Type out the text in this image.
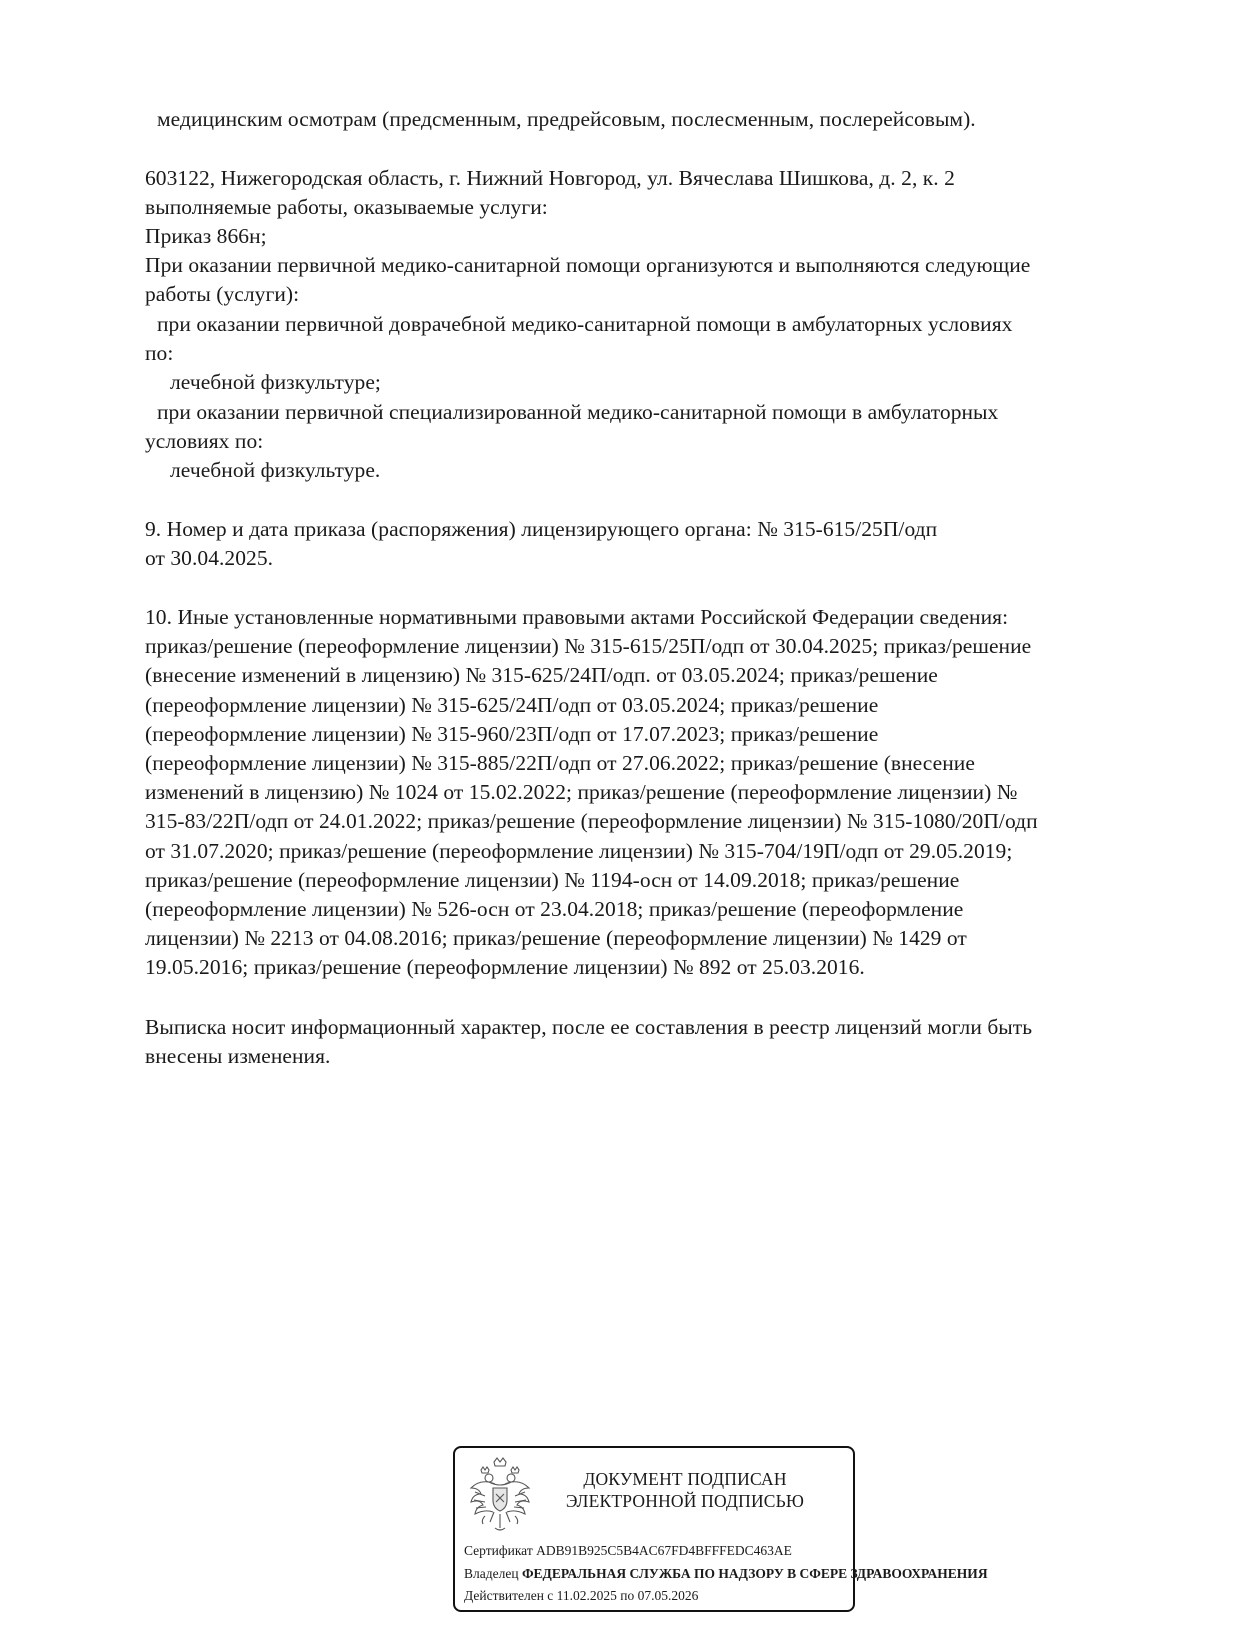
медицинским осмотрам (предсменным, предрейсовым, послесменным, послерейсовым).
603122, Нижегородская область, г. Нижний Новгород, ул. Вячеслава Шишкова, д. 2, к. 2
выполняемые работы, оказываемые услуги:
Приказ 866н;
При оказании первичной медико-санитарной помощи организуются и выполняются следующие
работы (услуги):
при оказании первичной доврачебной медико-санитарной помощи в амбулаторных условиях
по:
лечебной физкультуре;
при оказании первичной специализированной медико-санитарной помощи в амбулаторных
условиях по:
лечебной физкультуре.
9. Номер и дата приказа (распоряжения) лицензирующего органа: № 315-615/25П/одп
от 30.04.2025.
10. Иные установленные нормативными правовыми актами Российской Федерации сведения:
приказ/решение (переоформление лицензии) № 315-615/25П/одп от 30.04.2025; приказ/решение
(внесение изменений в лицензию) № 315-625/24П/одп. от 03.05.2024; приказ/решение
(переоформление лицензии) № 315-625/24П/одп от 03.05.2024; приказ/решение
(переоформление лицензии) № 315-960/23П/одп от 17.07.2023; приказ/решение
(переоформление лицензии) № 315-885/22П/одп от 27.06.2022; приказ/решение (внесение
изменений в лицензию) № 1024 от 15.02.2022; приказ/решение (переоформление лицензии) №
315-83/22П/одп от 24.01.2022; приказ/решение (переоформление лицензии) № 315-1080/20П/одп
от 31.07.2020; приказ/решение (переоформление лицензии) № 315-704/19П/одп от 29.05.2019;
приказ/решение (переоформление лицензии) № 1194-осн от 14.09.2018; приказ/решение
(переоформление лицензии) № 526-осн от 23.04.2018; приказ/решение (переоформление
лицензии) № 2213 от 04.08.2016; приказ/решение (переоформление лицензии) № 1429 от
19.05.2016; приказ/решение (переоформление лицензии) № 892 от 25.03.2016.
Выписка носит информационный характер, после ее составления в реестр лицензий могли быть
внесены изменения.
ДОКУМЕНТ ПОДПИСАН
ЭЛЕКТРОННОЙ ПОДПИСЬЮ
Сертификат ADB91B925C5B4AC67FD4BFFFEDC463AE
Владелец ФЕДЕРАЛЬНАЯ СЛУЖБА ПО НАДЗОРУ В СФЕРЕ ЗДРАВООХРАНЕНИЯ
Действителен с 11.02.2025 по 07.05.2026
